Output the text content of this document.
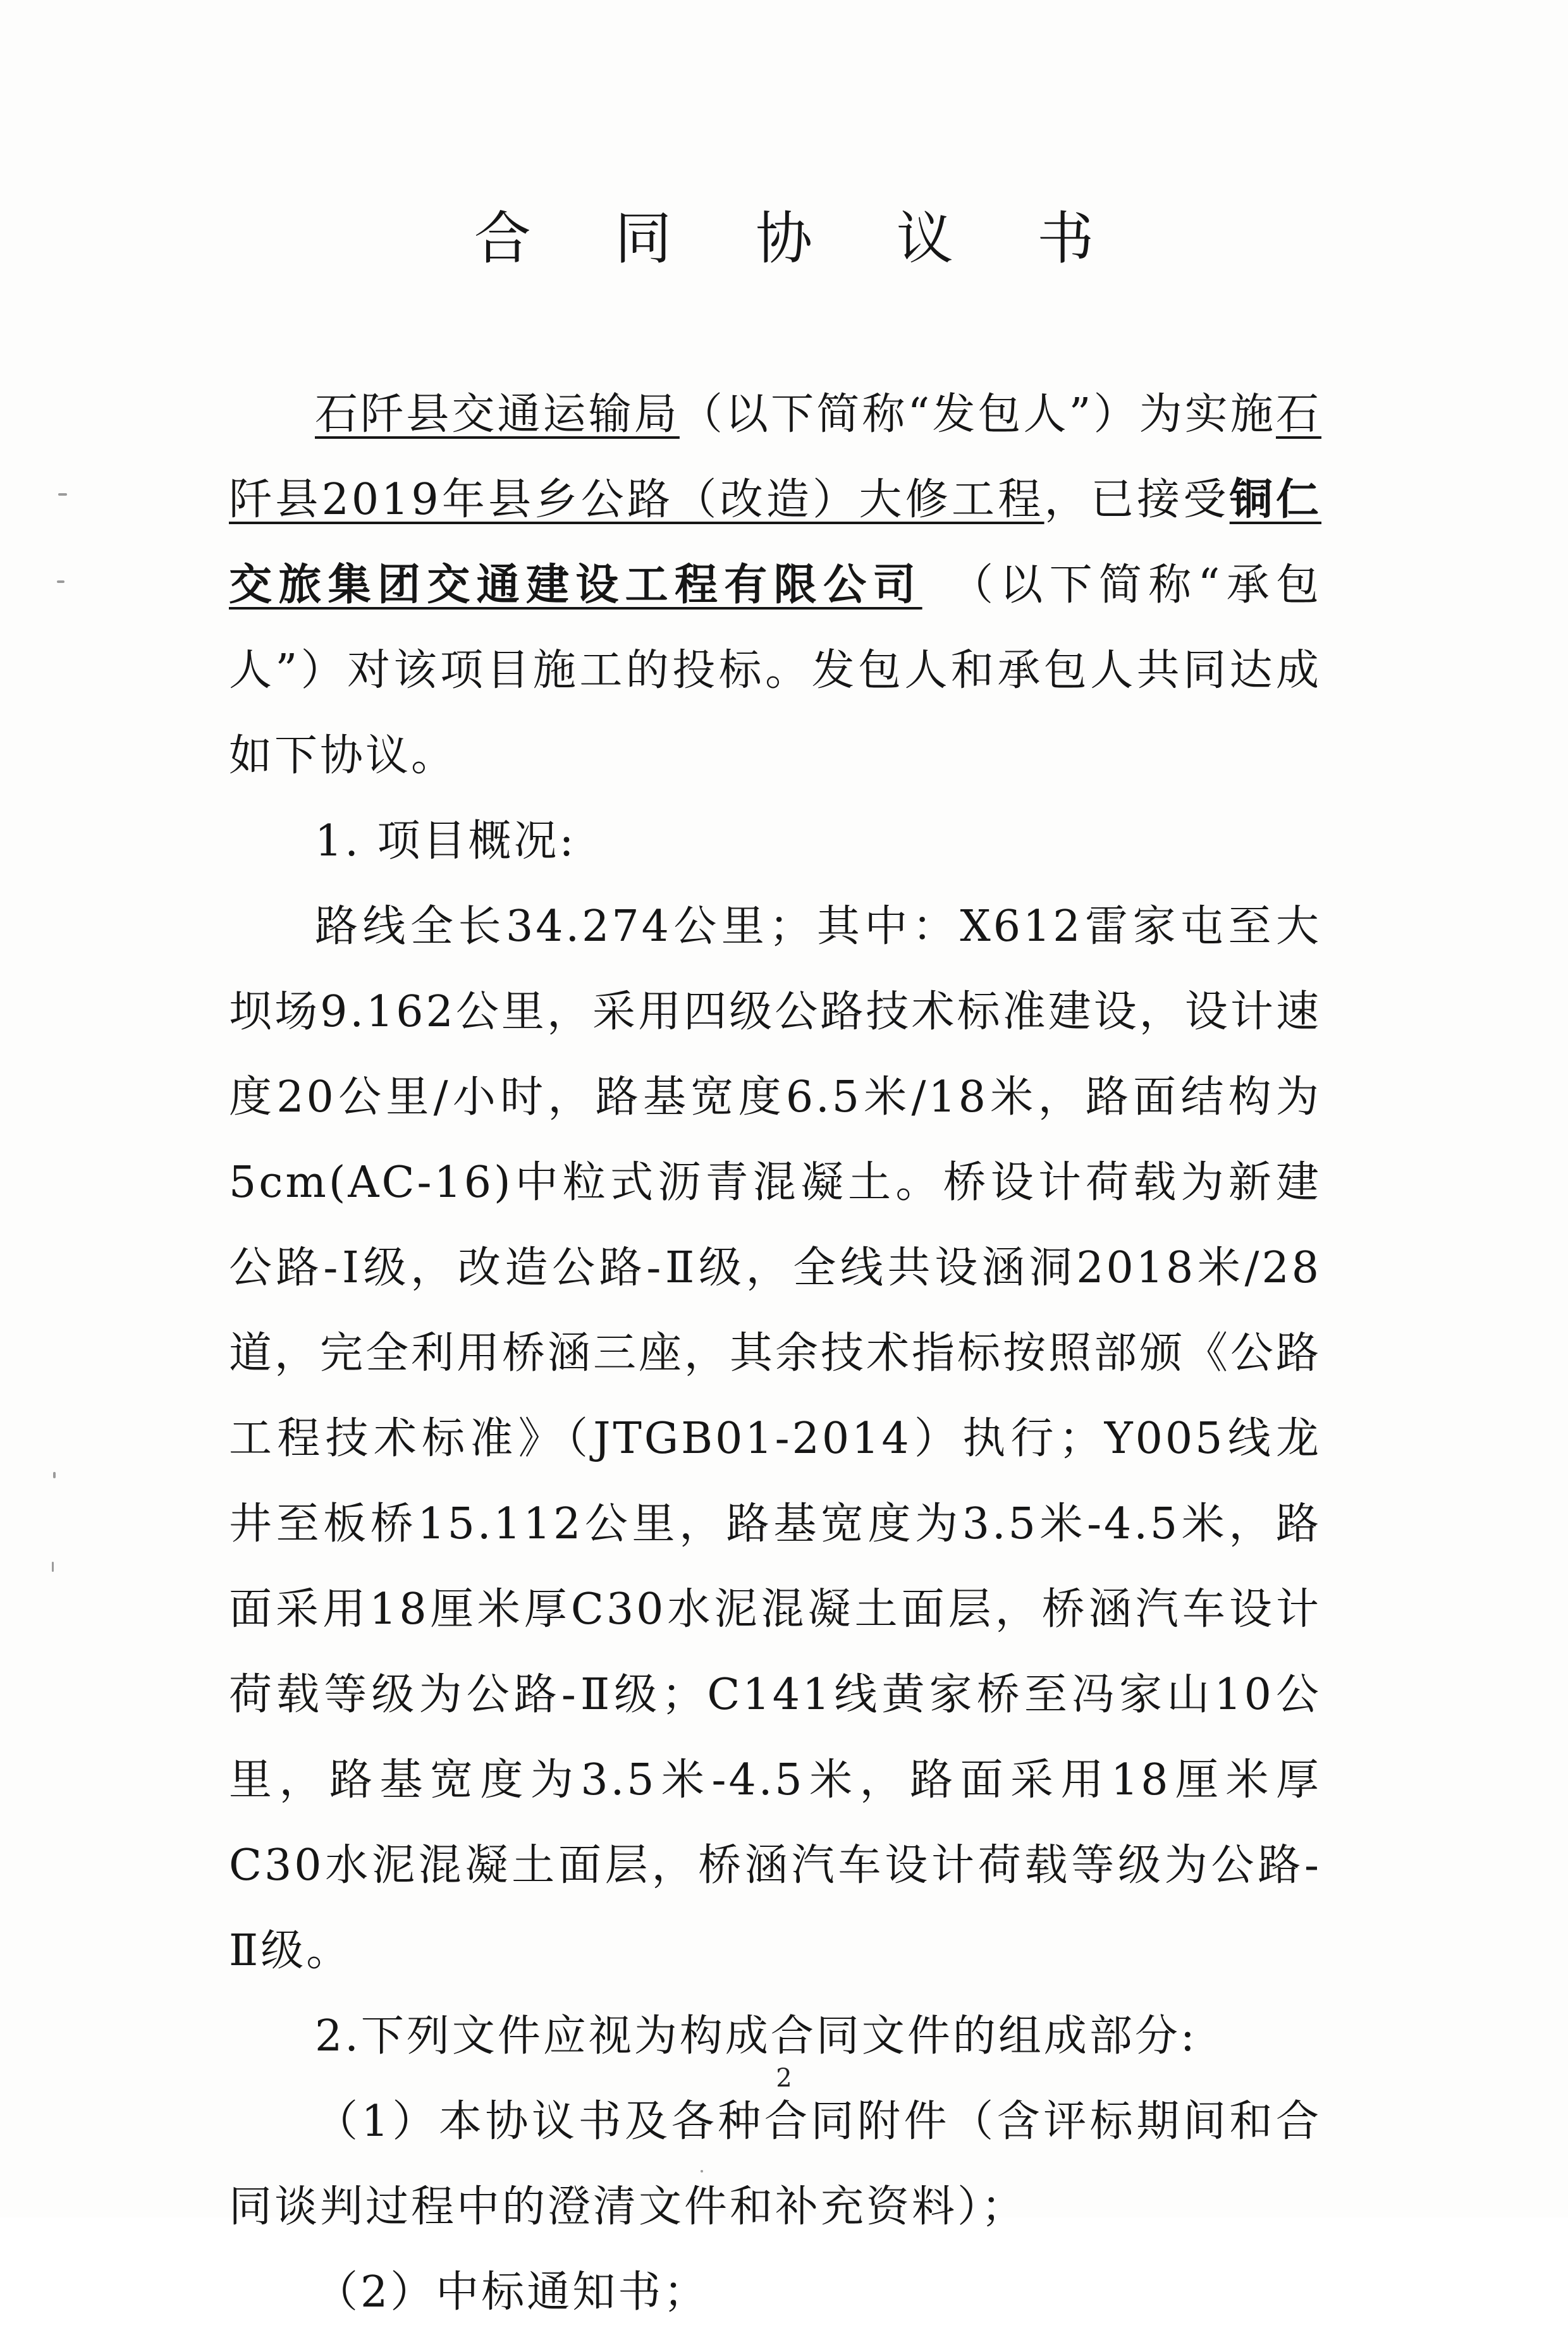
合 同 协 议 书

石阡县交通运输局（以下简称“发包人”）为实施石阡县2019年县乡公路（改造）大修工程，已接受铜仁交旅集团交通建设工程有限公司　（以下简称“承包人”）对该项目施工的投标。发包人和承包人共同达成如下协议。

1. 项目概况:

路线全长34.274公里；其中：X612雷家屯至大坝场9.162公里，采用四级公路技术标准建设，设计速度20公里/小时，路基宽度6.5米/18米，路面结构为5cm(AC-16)中粒式沥青混凝土。桥设计荷载为新建公路-Ⅰ级，改造公路-Ⅱ级，全线共设涵洞2018米/28道，完全利用桥涵三座，其余技术指标按照部颁《公路工程技术标准》（JTGB01-2014）执行；Y005线龙井至板桥15.112公里，路基宽度为3.5米-4.5米，路面采用18厘米厚C30水泥混凝土面层，桥涵汽车设计荷载等级为公路-Ⅱ级；C141线黄家桥至冯家山10公里，路基宽度为3.5米-4.5米，路面采用18厘米厚C30水泥混凝土面层，桥涵汽车设计荷载等级为公路-Ⅱ级。

2.下列文件应视为构成合同文件的组成部分:

（1）本协议书及各种合同附件（含评标期间和合同谈判过程中的澄清文件和补充资料）；

（2）中标通知书；

2
